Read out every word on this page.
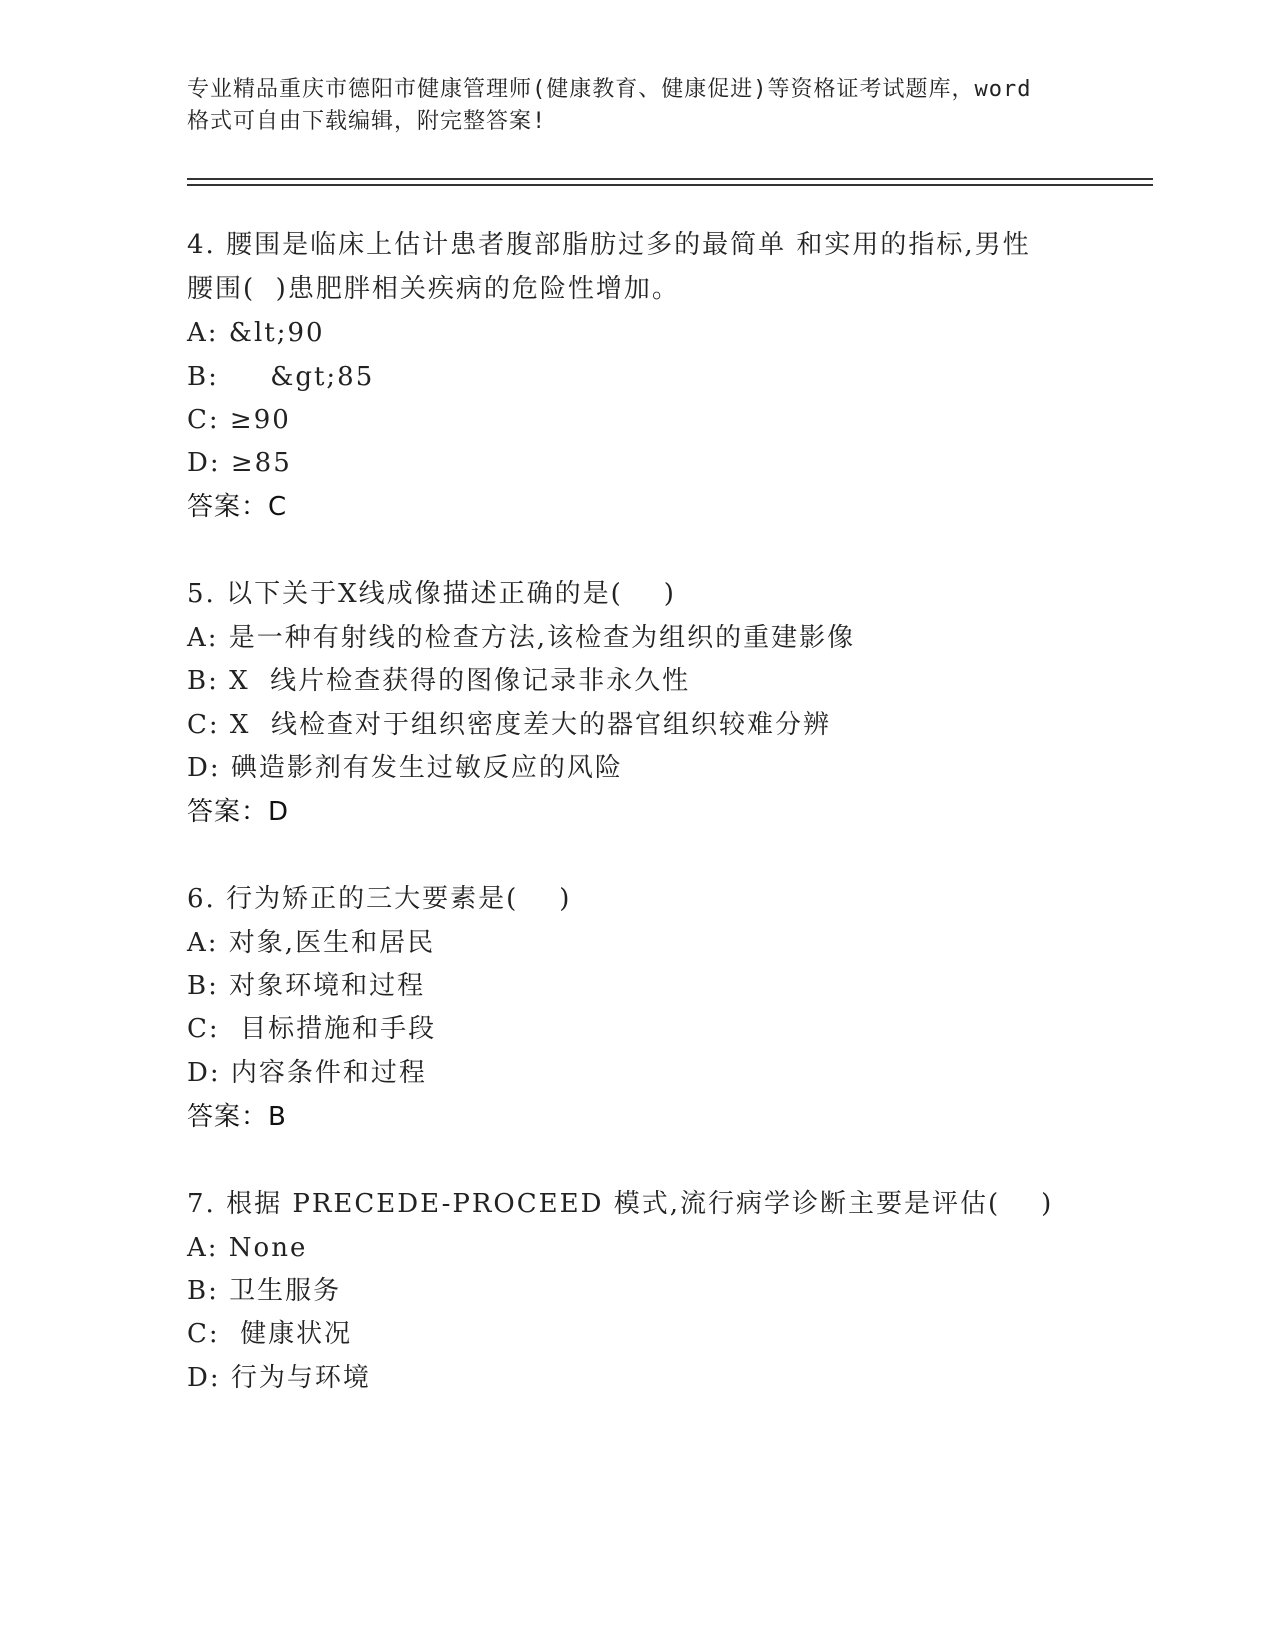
专业精品重庆市德阳市健康管理师(健康教育、健康促进)等资格证考试题库，word
格式可自由下载编辑，附完整答案!
4. 腰围是临床上估计患者腹部脂肪过多的最简单 和实用的指标,男性
腰围(  )患肥胖相关疾病的危险性增加。
A: &lt;90
B:     &gt;85
C: ≥90
D: ≥85
答案：C
5. 以下关于X线成像描述正确的是(    )
A: 是一种有射线的检查方法,该检查为组织的重建影像
B: X  线片检查获得的图像记录非永久性
C: X  线检查对于组织密度差大的器官组织较难分辨
D: 碘造影剂有发生过敏反应的风险
答案：D
6. 行为矫正的三大要素是(    )
A: 对象,医生和居民
B: 对象环境和过程
C:  目标措施和手段
D: 内容条件和过程
答案：B
7. 根据 PRECEDE-PROCEED 模式,流行病学诊断主要是评估(    )
A: None
B: 卫生服务
C:  健康状况
D: 行为与环境
